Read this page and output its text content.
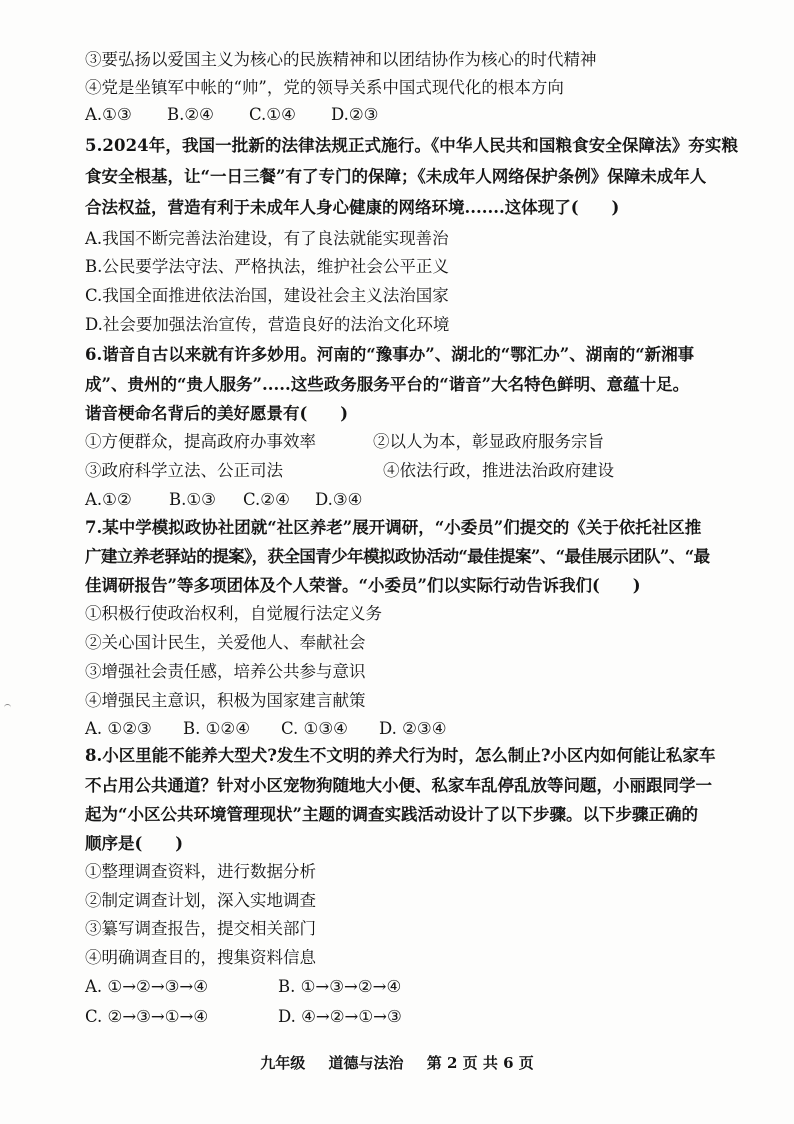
③要弘扬以爱国主义为核心的民族精神和以团结协作为核心的时代精神
④党是坐镇军中帐的“帅”，党的领导关系中国式现代化的根本方向
A.①③	B.②④	C.①④	D.②③
5.2024年，我国一批新的法律法规正式施行。《中华人民共和国粮食安全保障法》夯实粮
食安全根基，让“一日三餐”有了专门的保障；《未成年人网络保护条例》保障未成年人
合法权益，营造有利于未成年人身心健康的网络环境.......这体现了(　　)
A.我国不断完善法治建设，有了良法就能实现善治
B.公民要学法守法、严格执法，维护社会公平正义
C.我国全面推进依法治国，建设社会主义法治国家
D.社会要加强法治宣传，营造良好的法治文化环境
6.谐音自古以来就有许多妙用。河南的“豫事办”、湖北的“鄂汇办”、湖南的“新湘事
成”、贵州的“贵人服务”.....这些政务服务平台的“谐音”大名特色鲜明、意蕴十足。
谐音梗命名背后的美好愿景有(　　)
①方便群众，提高政府办事效率	②以人为本，彰显政府服务宗旨
③政府科学立法、公正司法	④依法行政，推进法治政府建设
A.①②	B.①③	C.②④	D.③④
7.某中学模拟政协社团就“社区养老”展开调研，“小委员”们提交的《关于依托社区推
广建立养老驿站的提案》，获全国青少年模拟政协活动“最佳提案”、“最佳展示团队”、“最
佳调研报告”等多项团体及个人荣誉。“小委员”们以实际行动告诉我们(　　)
①积极行使政治权利，自觉履行法定义务
②关心国计民生，关爱他人、奉献社会
③增强社会责任感，培养公共参与意识
④增强民主意识，积极为国家建言献策
A. ①②③	B. ①②④	C. ①③④	D. ②③④
8.小区里能不能养大型犬?发生不文明的养犬行为时，怎么制止?小区内如何能让私家车
不占用公共通道？针对小区宠物狗随地大小便、私家车乱停乱放等问题，小丽跟同学一
起为“小区公共环境管理现状”主题的调查实践活动设计了以下步骤。以下步骤正确的
顺序是(　　)
①整理调查资料，进行数据分析
②制定调查计划，深入实地调查
③纂写调查报告，提交相关部门
④明确调查目的，搜集资料信息
A. ①→②→③→④	B. ①→③→②→④
C. ②→③→①→④	D. ④→②→①→③
九年级 道德与法治 第 2 页 共 6 页
